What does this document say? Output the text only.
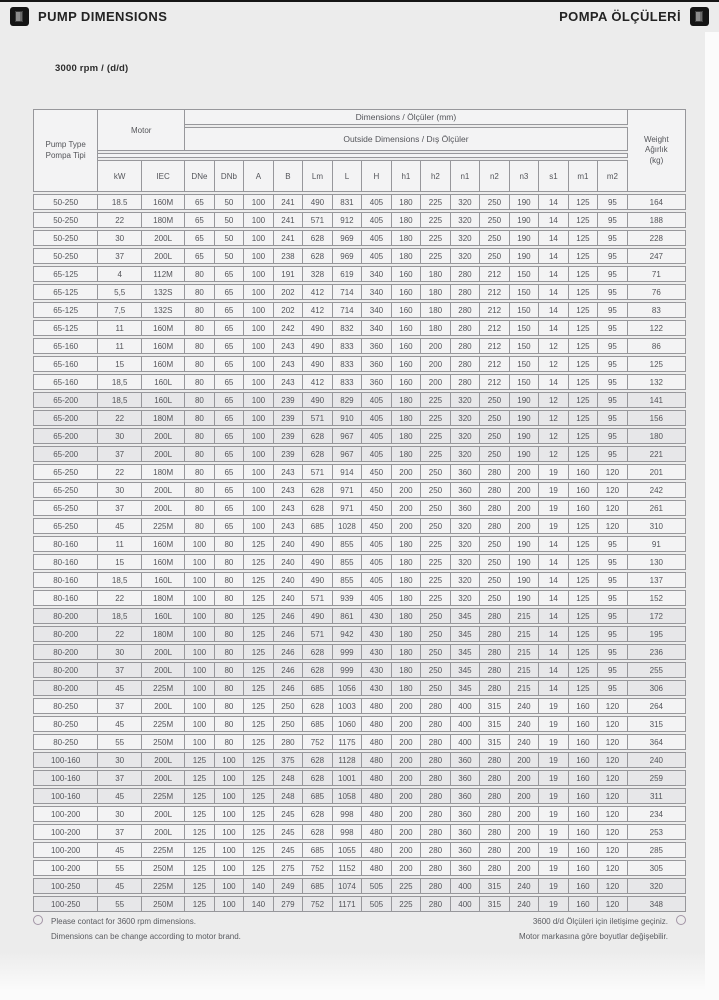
PUMP DIMENSIONS	POMPA ÖLÇÜLERİ
3000 rpm / (d/d)
Pump Type
Pompa Tipi	Motor		Dimensions / Ölçüler (mm)															Weight
Ağırlık
(kg)
			Outside Dimensions / Dış Ölçüler															

	kW	IEC	DNe	DNb	A	B	Lm	L	H	h1	h2	n1	n2	n3	s1	m1	m2	
50-250	18.5	160M	65	50	100	241	490	831	405	180	225	320	250	190	14	125	95	164
50-250	22	180M	65	50	100	241	571	912	405	180	225	320	250	190	14	125	95	188
50-250	30	200L	65	50	100	241	628	969	405	180	225	320	250	190	14	125	95	228
50-250	37	200L	65	50	100	238	628	969	405	180	225	320	250	190	14	125	95	247
65-125	4	112M	80	65	100	191	328	619	340	160	180	280	212	150	14	125	95	71
65-125	5,5	132S	80	65	100	202	412	714	340	160	180	280	212	150	14	125	95	76
65-125	7,5	132S	80	65	100	202	412	714	340	160	180	280	212	150	14	125	95	83
65-125	11	160M	80	65	100	242	490	832	340	160	180	280	212	150	14	125	95	122
65-160	11	160M	80	65	100	243	490	833	360	160	200	280	212	150	12	125	95	86
65-160	15	160M	80	65	100	243	490	833	360	160	200	280	212	150	12	125	95	125
65-160	18,5	160L	80	65	100	243	412	833	360	160	200	280	212	150	14	125	95	132
65-200	18,5	160L	80	65	100	239	490	829	405	180	225	320	250	190	12	125	95	141
65-200	22	180M	80	65	100	239	571	910	405	180	225	320	250	190	12	125	95	156
65-200	30	200L	80	65	100	239	628	967	405	180	225	320	250	190	12	125	95	180
65-200	37	200L	80	65	100	239	628	967	405	180	225	320	250	190	12	125	95	221
65-250	22	180M	80	65	100	243	571	914	450	200	250	360	280	200	19	160	120	201
65-250	30	200L	80	65	100	243	628	971	450	200	250	360	280	200	19	160	120	242
65-250	37	200L	80	65	100	243	628	971	450	200	250	360	280	200	19	160	120	261
65-250	45	225M	80	65	100	243	685	1028	450	200	250	320	280	200	19	125	120	310
80-160	11	160M	100	80	125	240	490	855	405	180	225	320	250	190	14	125	95	91
80-160	15	160M	100	80	125	240	490	855	405	180	225	320	250	190	14	125	95	130
80-160	18,5	160L	100	80	125	240	490	855	405	180	225	320	250	190	14	125	95	137
80-160	22	180M	100	80	125	240	571	939	405	180	225	320	250	190	14	125	95	152
80-200	18,5	160L	100	80	125	246	490	861	430	180	250	345	280	215	14	125	95	172
80-200	22	180M	100	80	125	246	571	942	430	180	250	345	280	215	14	125	95	195
80-200	30	200L	100	80	125	246	628	999	430	180	250	345	280	215	14	125	95	236
80-200	37	200L	100	80	125	246	628	999	430	180	250	345	280	215	14	125	95	255
80-200	45	225M	100	80	125	246	685	1056	430	180	250	345	280	215	14	125	95	306
80-250	37	200L	100	80	125	250	628	1003	480	200	280	400	315	240	19	160	120	264
80-250	45	225M	100	80	125	250	685	1060	480	200	280	400	315	240	19	160	120	315
80-250	55	250M	100	80	125	280	752	1175	480	200	280	400	315	240	19	160	120	364
100-160	30	200L	125	100	125	375	628	1128	480	200	280	360	280	200	19	160	120	240
100-160	37	200L	125	100	125	248	628	1001	480	200	280	360	280	200	19	160	120	259
100-160	45	225M	125	100	125	248	685	1058	480	200	280	360	280	200	19	160	120	311
100-200	30	200L	125	100	125	245	628	998	480	200	280	360	280	200	19	160	120	234
100-200	37	200L	125	100	125	245	628	998	480	200	280	360	280	200	19	160	120	253
100-200	45	225M	125	100	125	245	685	1055	480	200	280	360	280	200	19	160	120	285
100-200	55	250M	125	100	125	275	752	1152	480	200	280	360	280	200	19	160	120	305
100-250	45	225M	125	100	140	249	685	1074	505	225	280	400	315	240	19	160	120	320
100-250	55	250M	125	100	140	279	752	1171	505	225	280	400	315	240	19	160	120	348
Please contact for 3600 rpm dimensions.
Dimensions can be change according to motor brand.
3600 d/d Ölçüleri için iletişime geçiniz.
Motor markasına göre boyutlar değişebilir.
